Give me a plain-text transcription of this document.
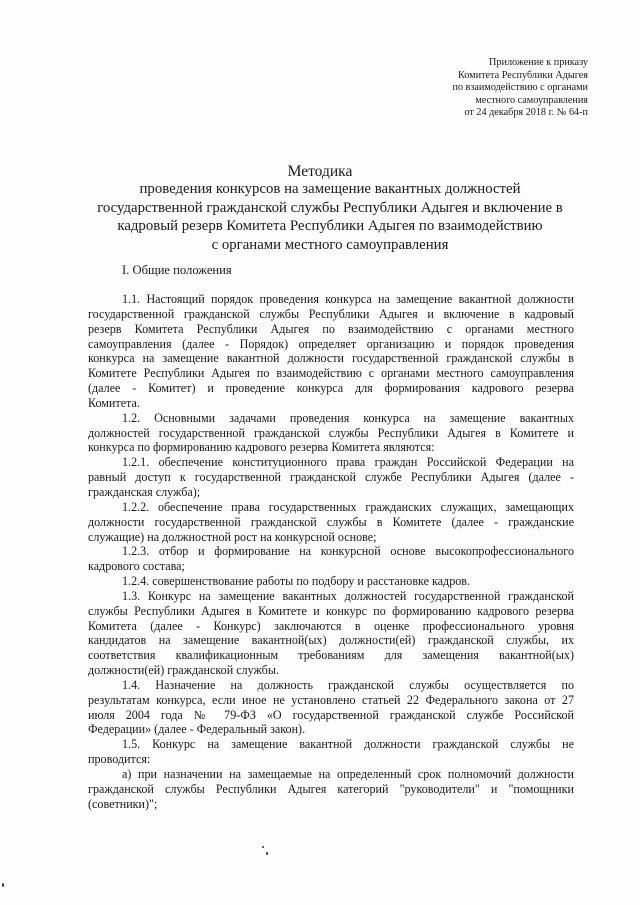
Приложение к приказу
Комитета Республики Адыгея
по взаимодействию с органами
местного самоуправления
от 24 декабря 2018 г. № 64-п
Методика
проведения конкурсов на замещение вакантных должностей
государственной гражданской службы Республики Адыгея и включение в
кадровый резерв Комитета Республики Адыгея по взаимодействию
с органами местного самоуправления
I. Общие положения
1.1. Настоящий порядок проведения конкурса на замещение вакантной должности
государственной гражданской службы Республики Адыгея и включение в кадровый
резерв Комитета Республики Адыгея по взаимодействию с органами местного
самоуправления (далее - Порядок) определяет организацию и порядок проведения
конкурса на замещение вакантной должности государственной гражданской службы в
Комитете Республики Адыгея по взаимодействию с органами местного самоуправления
(далее - Комитет) и проведение конкурса для формирования кадрового резерва
Комитета.
1.2. Основными задачами проведения конкурса на замещение вакантных
должностей государственной гражданской службы Республики Адыгея в Комитете и
конкурса по формированию кадрового резерва Комитета являются:
1.2.1. обеспечение конституционного права граждан Российской Федерации на
равный доступ к государственной гражданской службе Республики Адыгея (далее -
гражданская служба);
1.2.2. обеспечение права государственных гражданских служащих, замещающих
должности государственной гражданской службы в Комитете (далее - гражданские
служащие) на должностной рост на конкурсной основе;
1.2.3. отбор и формирование на конкурсной основе высокопрофессионального
кадрового состава;
1.2.4. совершенствование работы по подбору и расстановке кадров.
1.3. Конкурс на замещение вакантных должностей государственной гражданской
службы Республики Адыгея в Комитете и конкурс по формированию кадрового резерва
Комитета (далее - Конкурс) заключаются в оценке профессионального уровня
кандидатов на замещение вакантной(ых) должности(ей) гражданской службы, их
соответствия квалификационным требованиям для замещения вакантной(ых)
должности(ей) гражданской службы.
1.4. Назначение на должность гражданской службы осуществляется по
результатам конкурса, если иное не установлено статьей 22 Федерального закона от 27
июля 2004 года № 79-ФЗ «О государственной гражданской службе Российской
Федерации» (далее - Федеральный закон).
1.5. Конкурс на замещение вакантной должности гражданской службы не
проводится:
а) при назначении на замещаемые на определенный срок полномочий должности
гражданской службы Республики Адыгея категорий "руководители" и "помощники
(советники)";
